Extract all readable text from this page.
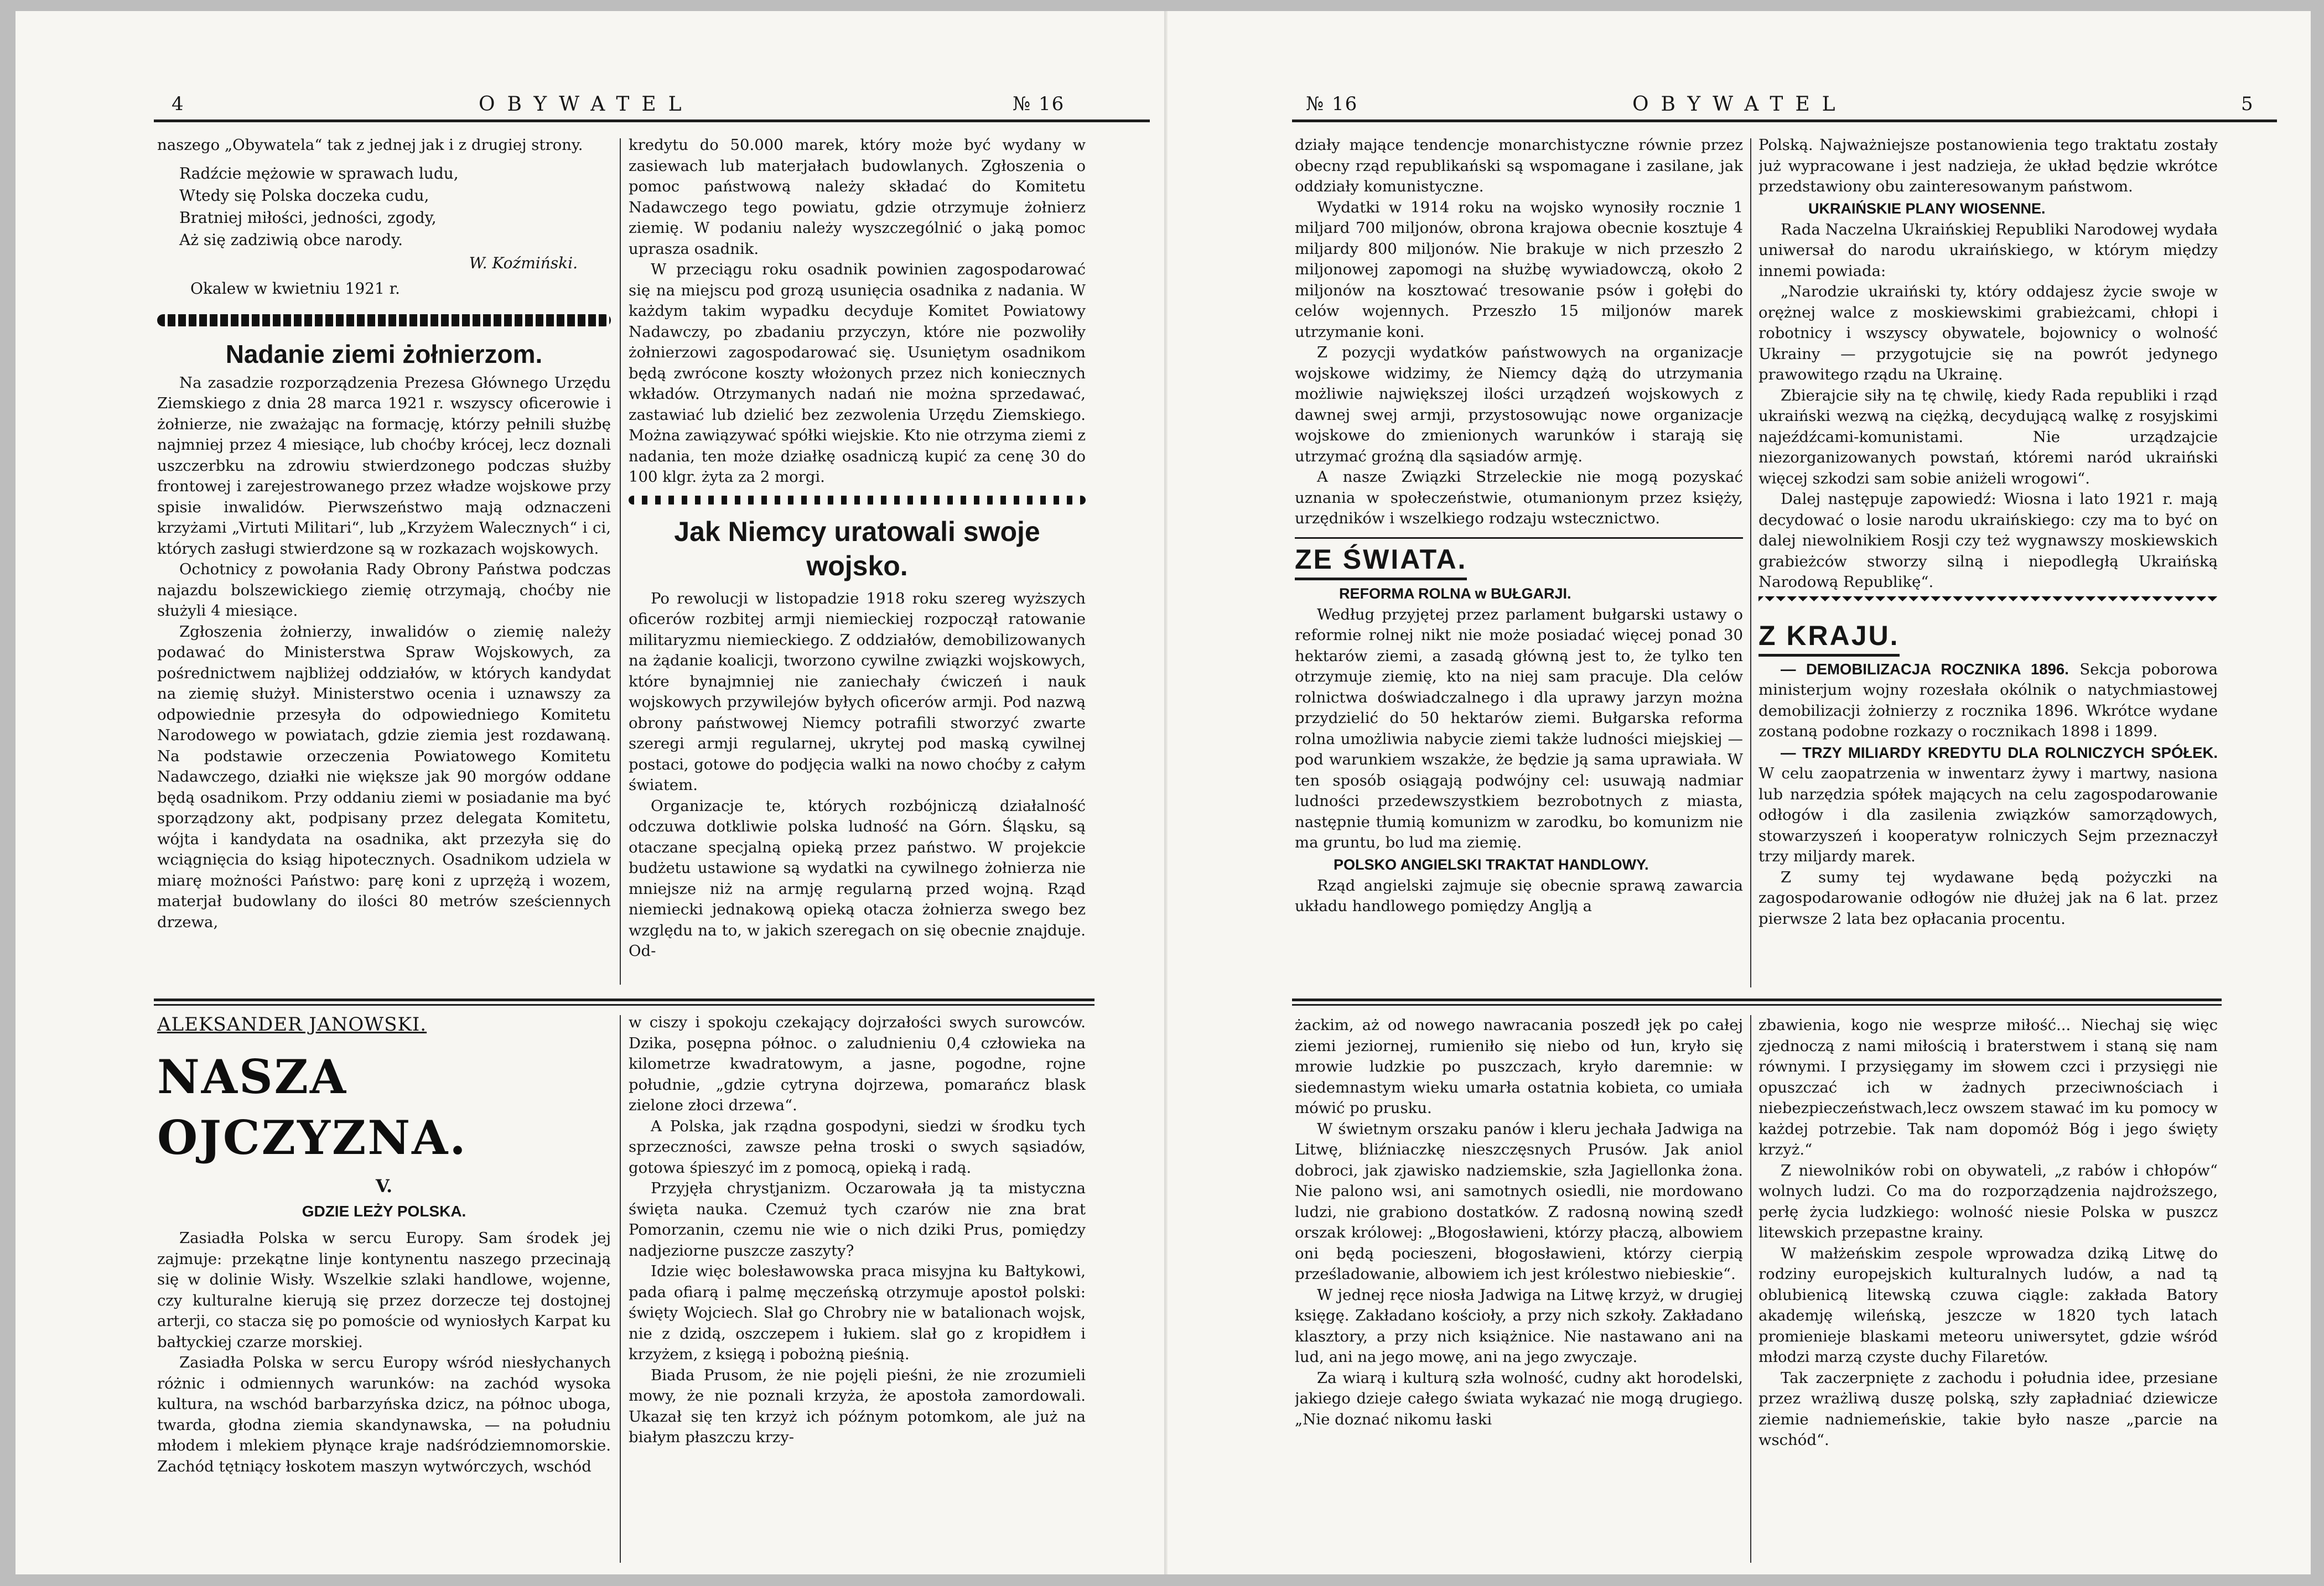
4	OBYWATEL	№ 16

naszego „Obywatela“ tak z jednej jak i z drugiej strony.

Radźcie mężowie w sprawach ludu,
Wtedy się Polska doczeka cudu,
Bratniej miłości, jedności, zgody,
Aż się zadziwią obce narody.
W. Koźmiński.
Okalew w kwietniu 1921 r.
Nadanie ziemi żołnierzom.

Na zasadzie rozporządzenia Prezesa Głównego Urzędu Ziemskiego z dnia 28 marca 1921 r. wszyscy oficerowie i żołnierze, nie zważając na formację, którzy pełnili służbę najmniej przez 4 miesiące, lub choćby krócej, lecz doznali uszczerbku na zdrowiu stwierdzonego podczas służby frontowej i zarejestrowanego przez władze wojskowe przy spisie inwalidów. Pierwszeństwo mają odznaczeni krzyżami „Virtuti Militari“, lub „Krzyżem Walecznych“ i ci, których zasługi stwierdzone są w rozkazach wojskowych.

Ochotnicy z powołania Rady Obrony Państwa podczas najazdu bolszewickiego ziemię otrzymają, choćby nie służyli 4 miesiące.

Zgłoszenia żołnierzy, inwalidów o ziemię należy podawać do Ministerstwa Spraw Wojskowych, za pośrednictwem najbliżej oddziałów, w których kandydat na ziemię służył. Ministerstwo ocenia i uznawszy za odpowiednie przesyła do odpowiedniego Komitetu Narodowego w powiatach, gdzie ziemia jest rozdawaną. Na podstawie orzeczenia Powiatowego Komitetu Nadawczego, działki nie większe jak 90 morgów oddane będą osadnikom. Przy oddaniu ziemi w posiadanie ma być sporządzony akt, podpisany przez delegata Komitetu, wójta i kandydata na osadnika, akt przezyła się do wciągnięcia do ksiąg hipotecznych. Osadnikom udziela w miarę możności Państwo: parę koni z uprzężą i wozem, materjał budowlany do ilości 80 metrów sześciennych drzewa,

kredytu do 50.000 marek, który może być wydany w zasiewach lub materjałach budowlanych. Zgłoszenia o pomoc państwową należy składać do Komitetu Nadawczego tego powiatu, gdzie otrzymuje żołnierz ziemię. W podaniu należy wyszczególnić o jaką pomoc uprasza osadnik.

W przeciągu roku osadnik powinien zagospodarować się na miejscu pod grozą usunięcia osadnika z nadania. W każdym takim wypadku decyduje Komitet Powiatowy Nadawczy, po zbadaniu przyczyn, które nie pozwoliły żołnierzowi zagospodarować się. Usuniętym osadnikom będą zwrócone koszty włożonych przez nich koniecznych wkładów. Otrzymanych nadań nie można sprzedawać, zastawiać lub dzielić bez zezwolenia Urzędu Ziemskiego. Można zawiązywać spółki wiejskie. Kto nie otrzyma ziemi z nadania, ten może działkę osadniczą kupić za cenę 30 do 100 klgr. żyta za 2 morgi.

Jak Niemcy uratowali swoje wojsko.

Po rewolucji w listopadzie 1918 roku szereg wyższych oficerów rozbitej armji niemieckiej rozpoczął ratowanie militaryzmu niemieckiego. Z oddziałów, demobilizowanych na żądanie koalicji, tworzono cywilne związki wojskowych, które bynajmniej nie zaniechały ćwiczeń i nauk wojskowych przywilejów byłych oficerów armji. Pod nazwą obrony państwowej Niemcy potrafili stworzyć zwarte szeregi armji regularnej, ukrytej pod maską cywilnej postaci, gotowe do podjęcia walki na nowo choćby z całym światem.

Organizacje te, których rozbójniczą działalność odczuwa dotkliwie polska ludność na Górn. Śląsku, są otaczane specjalną opieką przez państwo. W projekcie budżetu ustawione są wydatki na cywilnego żołnierza nie mniejsze niż na armję regularną przed wojną. Rząd niemiecki jednakową opieką otacza żołnierza swego bez względu na to, w jakich szeregach on się obecnie znajduje. Od-

ALEKSANDER JANOWSKI.
NASZA OJCZYZNA.
V.
GDZIE LEŻY POLSKA.

Zasiadła Polska w sercu Europy. Sam środek jej zajmuje: przekątne linje kontynentu naszego przecinają się w dolinie Wisły. Wszelkie szlaki handlowe, wojenne, czy kulturalne kierują się przez dorzecze tej dostojnej arterji, co stacza się po pomoście od wyniosłych Karpat ku bałtyckiej czarze morskiej.

Zasiadła Polska w sercu Europy wśród niesłychanych różnic i odmiennych warunków: na zachód wysoka kultura, na wschód barbarzyńska dzicz, na północ uboga, twarda, głodna ziemia skandynawska, — na południu młodem i mlekiem płynące kraje nadśródziemnomorskie. Zachód tętniący łoskotem maszyn wytwórczych, wschód

w ciszy i spokoju czekający dojrzałości swych surowców. Dzika, posępna północ. o zaludnieniu 0,4 człowieka na kilometrze kwadratowym, a jasne, pogodne, rojne południe, „gdzie cytryna dojrzewa, pomarańcz blask zielone złoci drzewa“.

A Polska, jak rządna gospodyni, siedzi w środku tych sprzeczności, zawsze pełna troski o swych sąsiadów, gotowa śpieszyć im z pomocą, opieką i radą.

Przyjęła chrystjanizm. Oczarowała ją ta mistyczna święta nauka. Czemuż tych czarów nie zna brat Pomorzanin, czemu nie wie o nich dziki Prus, pomiędzy nadjeziorne puszcze zaszyty?

Idzie więc bolesławowska praca misyjna ku Bałtykowi, pada ofiarą i palmę męczeńską otrzymuje apostoł polski: święty Wojciech. Slał go Chrobry nie w batalionach wojsk, nie z dzidą, oszczepem i łukiem. slał go z kropidłem i krzyżem, z księgą i pobożną pieśnią.

Biada Prusom, że nie pojęli pieśni, że nie zrozumieli mowy, że nie poznali krzyża, że apostoła zamordowali. Ukazał się ten krzyż ich późnym potomkom, ale już na białym płaszczu krzy-

№ 16	OBYWATEL	5

działy mające tendencje monarchistyczne równie przez obecny rząd republikański są wspomagane i zasilane, jak oddziały komunistyczne.

Wydatki w 1914 roku na wojsko wynosiły rocznie 1 miljard 700 miljonów, obrona krajowa obecnie kosztuje 4 miljardy 800 miljonów. Nie brakuje w nich przeszło 2 miljonowej zapomogi na służbę wywiadowczą, około 2 miljonów na kosztować tresowanie psów i gołębi do celów wojennych. Przeszło 15 miljonów marek utrzymanie koni.

Z pozycji wydatków państwowych na organizacje wojskowe widzimy, że Niemcy dążą do utrzymania możliwie największej ilości urządzeń wojskowych z dawnej swej armji, przystosowując nowe organizacje wojskowe do zmienionych warunków i starają się utrzymać groźną dla sąsiadów armję.

A nasze Związki Strzeleckie nie mogą pozyskać uznania w społeczeństwie, otumanionym przez księży, urzędników i wszelkiego rodzaju wstecznictwo.

ZE ŚWIATA.
REFORMA ROLNA w BUŁGARJI.

Według przyjętej przez parlament bułgarski ustawy o reformie rolnej nikt nie może posiadać więcej ponad 30 hektarów ziemi, a zasadą główną jest to, że tylko ten otrzymuje ziemię, kto na niej sam pracuje. Dla celów rolnictwa doświadczalnego i dla uprawy jarzyn można przydzielić do 50 hektarów ziemi. Bułgarska reforma rolna umożliwia nabycie ziemi także ludności miejskiej —pod warunkiem wszakże, że będzie ją sama uprawiała. W ten sposób osiągają podwójny cel: usuwają nadmiar ludności przedewszystkiem bezrobotnych z miasta, następnie tłumią komunizm w zarodku, bo komunizm nie ma gruntu, bo lud ma ziemię.

POLSKO ANGIELSKI TRAKTAT HANDLOWY.

Rząd angielski zajmuje się obecnie sprawą zawarcia układu handlowego pomiędzy Anglją a

Polską. Najważniejsze postanowienia tego traktatu zostały już wypracowane i jest nadzieja, że układ będzie wkrótce przedstawiony obu zainteresowanym państwom.

UKRAIŃSKIE PLANY WIOSENNE.

Rada Naczelna Ukraińskiej Republiki Narodowej wydała uniwersał do narodu ukraińskiego, w którym między innemi powiada:

„Narodzie ukraiński ty, który oddajesz życie swoje w orężnej walce z moskiewskimi grabieżcami, chłopi i robotnicy i wszyscy obywatele, bojownicy o wolność Ukrainy — przygotujcie się na powrót jedynego prawowitego rządu na Ukrainę.

Zbierajcie siły na tę chwilę, kiedy Rada republiki i rząd ukraiński wezwą na ciężką, decydującą walkę z rosyjskimi najeźdźcami-komunistami. Nie urządzajcie niezorganizowanych powstań, któremi naród ukraiński więcej szkodzi sam sobie aniżeli wrogowi“.

Dalej następuje zapowiedź: Wiosna i lato 1921 r. mają decydować o losie narodu ukraińskiego: czy ma to być on dalej niewolnikiem Rosji czy też wygnawszy moskiewskich grabieżców stworzy silną i niepodległą Ukraińską Narodową Republikę“.

Z KRAJU.

— DEMOBILIZACJA ROCZNIKA 1896. Sekcja poborowa ministerjum wojny rozesłała okólnik o natychmiastowej demobilizacji żołnierzy z rocznika 1896. Wkrótce wydane zostaną podobne rozkazy o rocznikach 1898 i 1899.

— TRZY MILIARDY KREDYTU DLA ROLNICZYCH SPÓŁEK. W celu zaopatrzenia w inwentarz żywy i martwy, nasiona lub narzędzia spółek mających na celu zagospodarowanie odłogów i dla zasilenia związków samorządowych, stowarzyszeń i kooperatyw rolniczych Sejm przeznaczył trzy miljardy marek.

Z sumy tej wydawane będą pożyczki na zagospodarowanie odłogów nie dłużej jak na 6 lat. przez pierwsze 2 lata bez opłacania procentu.

żackim, aż od nowego nawracania poszedł jęk po całej ziemi jeziornej, rumieniło się niebo od łun, kryło się mrowie ludzkie po puszczach, kryło daremnie: w siedemnastym wieku umarła ostatnia kobieta, co umiała mówić po prusku.

W świetnym orszaku panów i kleru jechała Jadwiga na Litwę, bliźniaczkę nieszczęsnych Prusów. Jak aniol dobroci, jak zjawisko nadziemskie, szła Jagiellonka żona. Nie palono wsi, ani samotnych osiedli, nie mordowano ludzi, nie grabiono dostatków. Z radosną nowiną szedł orszak królowej: „Błogosławieni, którzy płaczą, albowiem oni będą pocieszeni, błogosławieni, którzy cierpią prześladowanie, albowiem ich jest królestwo niebieskie“.

W jednej ręce niosła Jadwiga na Litwę krzyż, w drugiej księgę. Zakładano kościoły, a przy nich szkoły. Zakładano klasztory, a przy nich książnice. Nie nastawano ani na lud, ani na jego mowę, ani na jego zwyczaje.

Za wiarą i kulturą szła wolność, cudny akt horodelski, jakiego dzieje całego świata wykazać nie mogą drugiego. „Nie doznać nikomu łaski

zbawienia, kogo nie wesprze miłość... Niechaj się więc zjednoczą z nami miłością i braterstwem i staną się nam równymi. I przysięgamy im słowem czci i przysięgi nie opuszczać ich w żadnych przeciwnościach i niebezpieczeństwach,lecz owszem stawać im ku pomocy w każdej potrzebie. Tak nam dopomóż Bóg i jego święty krzyż.“

Z niewolników robi on obywateli, „z rabów i chłopów“ wolnych ludzi. Co ma do rozporządzenia najdroższego, perłę życia ludzkiego: wolność niesie Polska w puszcz litewskich przepastne krainy.

W małżeńskim zespole wprowadza dziką Litwę do rodziny europejskich kulturalnych ludów, a nad tą oblubienicą litewską czuwa ciągle: zakłada Batory akademję wileńską, jeszcze w 1820 tych latach promienieje blaskami meteoru uniwersytet, gdzie wśród młodzi marzą czyste duchy Filaretów.

Tak zaczerpnięte z zachodu i południa idee, przesiane przez wrażliwą duszę polską, szły zapładniać dziewicze ziemie nadniemeńskie, takie było nasze „parcie na wschód“.
